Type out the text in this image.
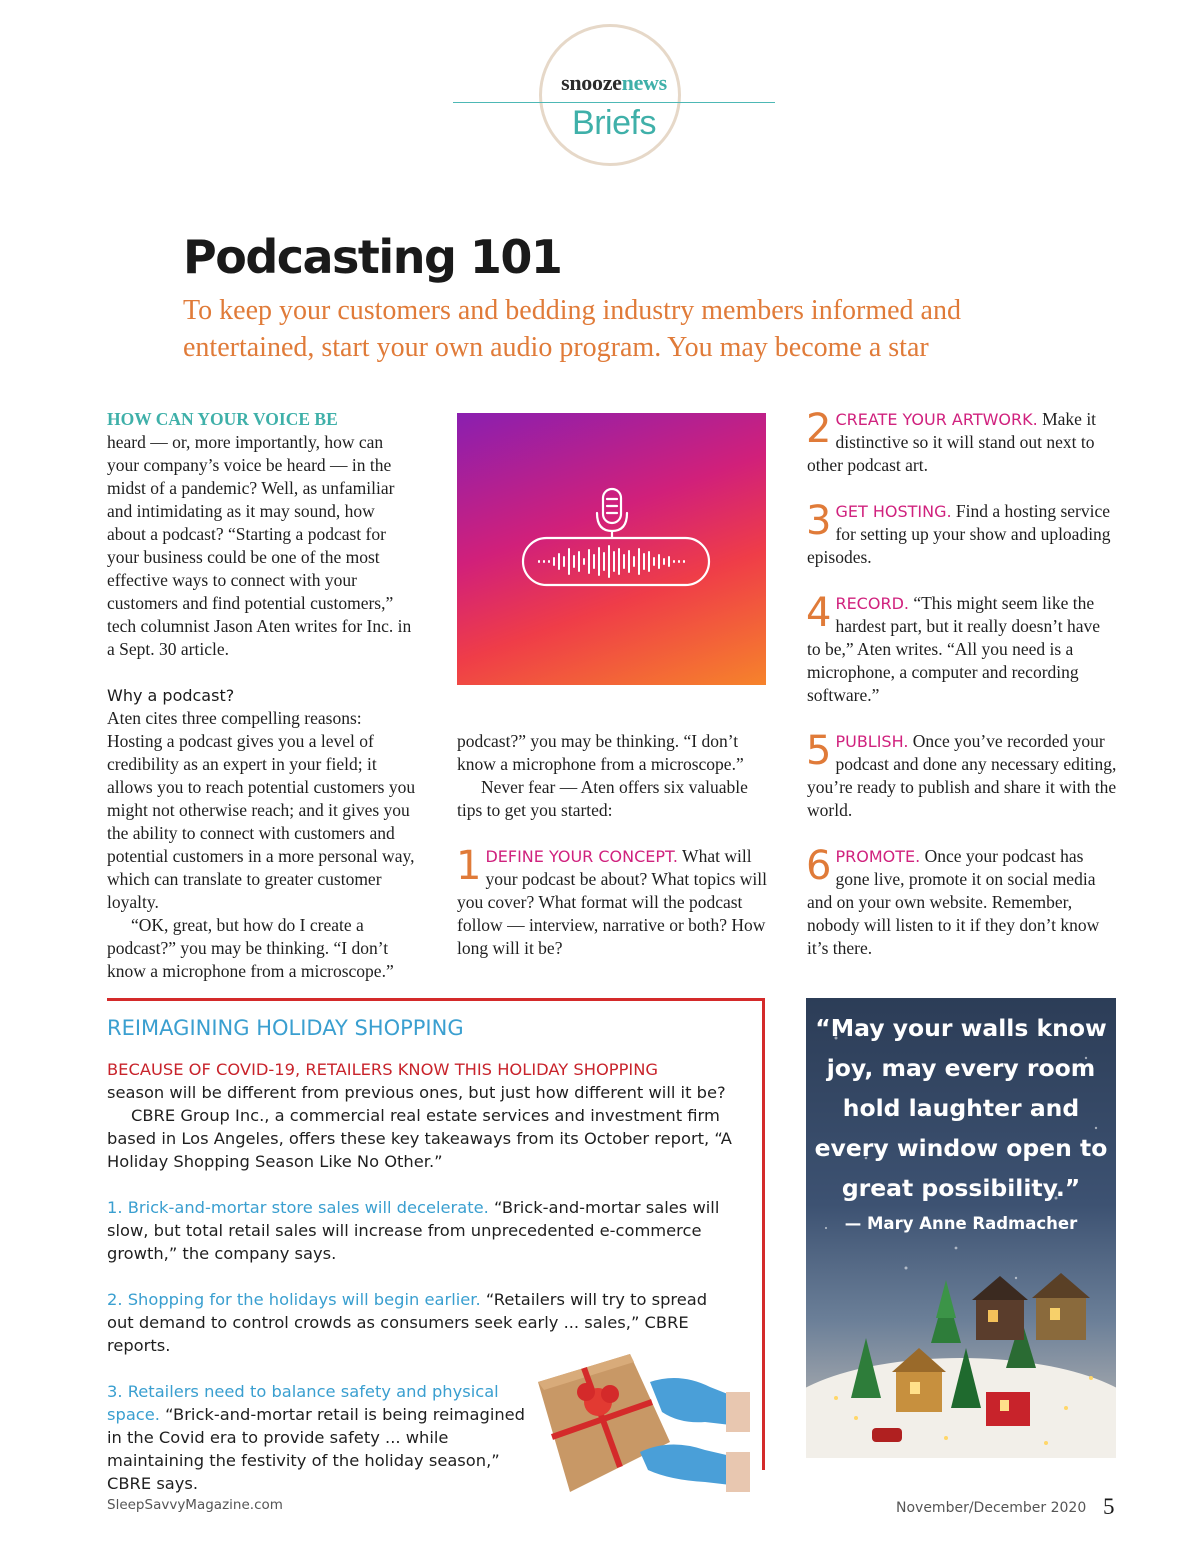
snoozenews
Briefs
Podcasting 101
To keep your customers and bedding industry members informed and entertained, start your own audio program. You may become a star

HOW CAN YOUR VOICE BE
heard — or, more importantly, how can your company’s voice be heard — in the midst of a pandemic? Well, as unfamiliar and intimidating as it may sound, how about a podcast? “Starting a podcast for your business could be one of the most effective ways to connect with your customers and find potential customers,” tech columnist Jason Aten writes for Inc. in a Sept. 30 article.

Why a podcast?

Aten cites three compelling reasons: Hosting a podcast gives you a level of credibility as an expert in your field; it allows you to reach potential customers you might not otherwise reach; and it gives you the ability to connect with customers and potential customers in a more personal way, which can translate to greater customer loyalty.

“OK, great, but how do I create a podcast?” you may be thinking. “I don’t know a microphone from a microscope.”

podcast?” you may be thinking. “I don’t know a microphone from a microscope.”

Never fear — Aten offers six valuable tips to get you started:

1 DEFINE YOUR CONCEPT. What will your podcast be about? What topics will you cover? What format will the podcast follow — interview, narrative or both? How long will it be?
2 CREATE YOUR ARTWORK. Make it distinctive so it will stand out next to other podcast art.
3 GET HOSTING. Find a hosting service for setting up your show and uploading episodes.
4 RECORD. “This might seem like the hardest part, but it really doesn’t have to be,” Aten writes. “All you need is a microphone, a computer and recording software.”
5 PUBLISH. Once you’ve recorded your podcast and done any necessary editing, you’re ready to publish and share it with the world.
6 PROMOTE. Once your podcast has gone live, promote it on social media and on your own website. Remember, nobody will listen to it if they don’t know it’s there.
REIMAGINING HOLIDAY SHOPPING

BECAUSE OF COVID-19, RETAILERS KNOW THIS HOLIDAY SHOPPING
season will be different from previous ones, but just how different will it be?

CBRE Group Inc., a commercial real estate services and investment firm based in Los Angeles, offers these key takeaways from its October report, “A Holiday Shopping Season Like No Other.”

1. Brick-and-mortar store sales will decelerate. “Brick-and-mortar sales will slow, but total retail sales will increase from unprecedented e-commerce growth,” the company says.

2. Shopping for the holidays will begin earlier. “Retailers will try to spread out demand to control crowds as consumers seek early ... sales,” CBRE reports.

3. Retailers need to balance safety and physical space. “Brick-and-mortar retail is being reimagined in the Covid era to provide safety ... while maintaining the festivity of the holiday season,” CBRE says.

“May your walls know joy, may every room hold laughter and every window open to great possibility.”
— Mary Anne Radmacher
SleepSavvyMagazine.com	November/December 2020 5
